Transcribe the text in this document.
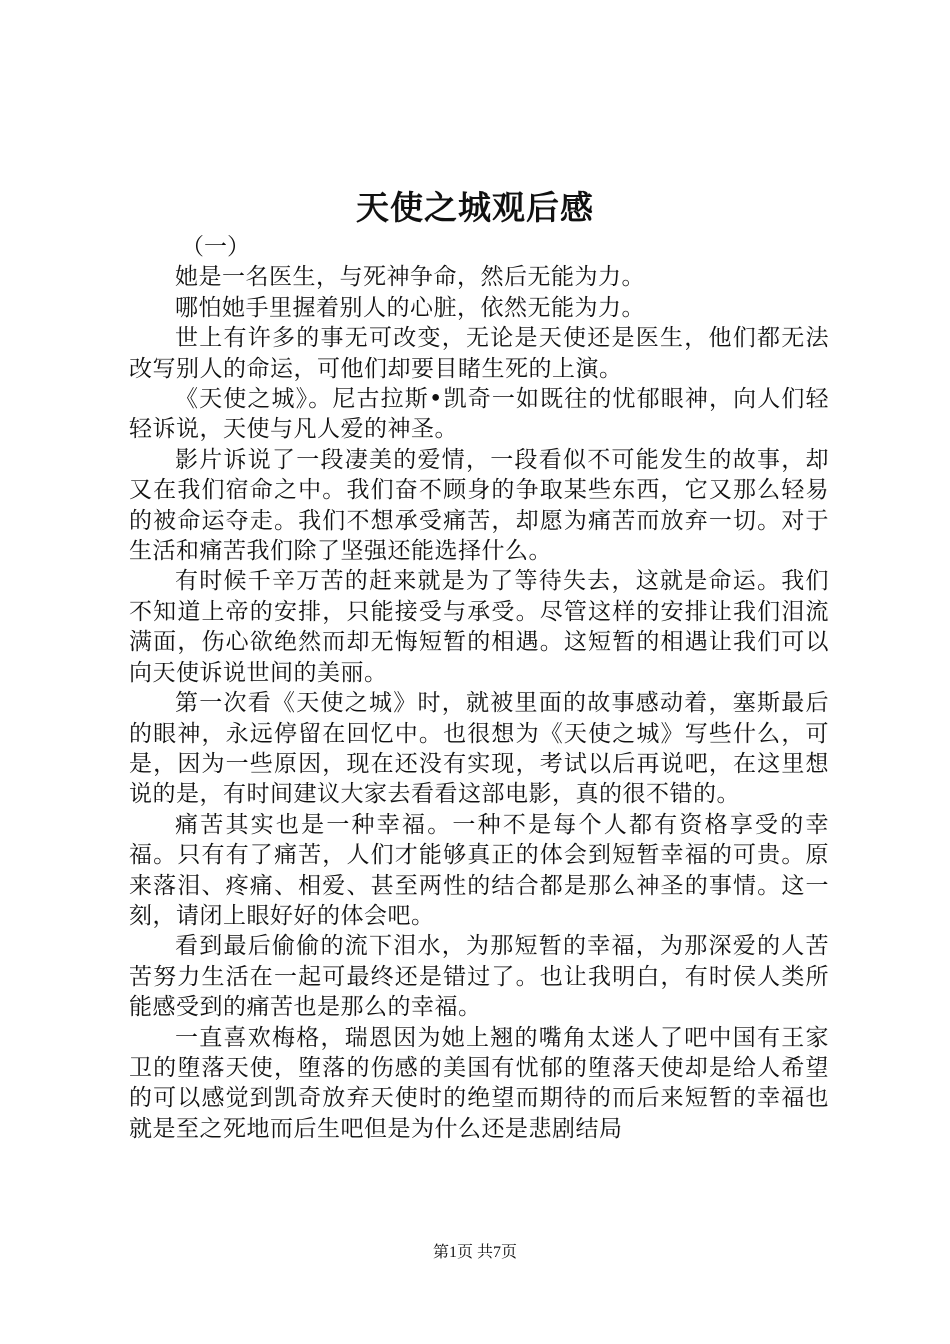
天使之城观后感

（一）

她是一名医生，与死神争命，然后无能为力。

哪怕她手里握着别人的心脏，依然无能为力。

世上有许多的事无可改变，无论是天使还是医生，他们都无法改写别人的命运，可他们却要目睹生死的上演。

《天使之城》。尼古拉斯•凯奇一如既往的忧郁眼神，向人们轻轻诉说，天使与凡人爱的神圣。

影片诉说了一段凄美的爱情，一段看似不可能发生的故事，却又在我们宿命之中。我们奋不顾身的争取某些东西，它又那么轻易的被命运夺走。我们不想承受痛苦，却愿为痛苦而放弃一切。对于生活和痛苦我们除了坚强还能选择什么。

有时候千辛万苦的赶来就是为了等待失去，这就是命运。我们不知道上帝的安排，只能接受与承受。尽管这样的安排让我们泪流满面，伤心欲绝然而却无悔短暂的相遇。这短暂的相遇让我们可以向天使诉说世间的美丽。

第一次看《天使之城》时，就被里面的故事感动着，塞斯最后的眼神，永远停留在回忆中。也很想为《天使之城》写些什么，可是，因为一些原因，现在还没有实现，考试以后再说吧，在这里想说的是，有时间建议大家去看看这部电影，真的很不错的。

痛苦其实也是一种幸福。一种不是每个人都有资格享受的幸福。只有有了痛苦，人们才能够真正的体会到短暂幸福的可贵。原来落泪、疼痛、相爱、甚至两性的结合都是那么神圣的事情。这一刻，请闭上眼好好的体会吧。

看到最后偷偷的流下泪水，为那短暂的幸福，为那深爱的人苦苦努力生活在一起可最终还是错过了。也让我明白，有时侯人类所能感受到的痛苦也是那么的幸福。

一直喜欢梅格，瑞恩因为她上翘的嘴角太迷人了吧中国有王家卫的堕落天使，堕落的伤感的美国有忧郁的堕落天使却是给人希望的可以感觉到凯奇放弃天使时的绝望而期待的而后来短暂的幸福也就是至之死地而后生吧但是为什么还是悲剧结局

第1页 共7页
